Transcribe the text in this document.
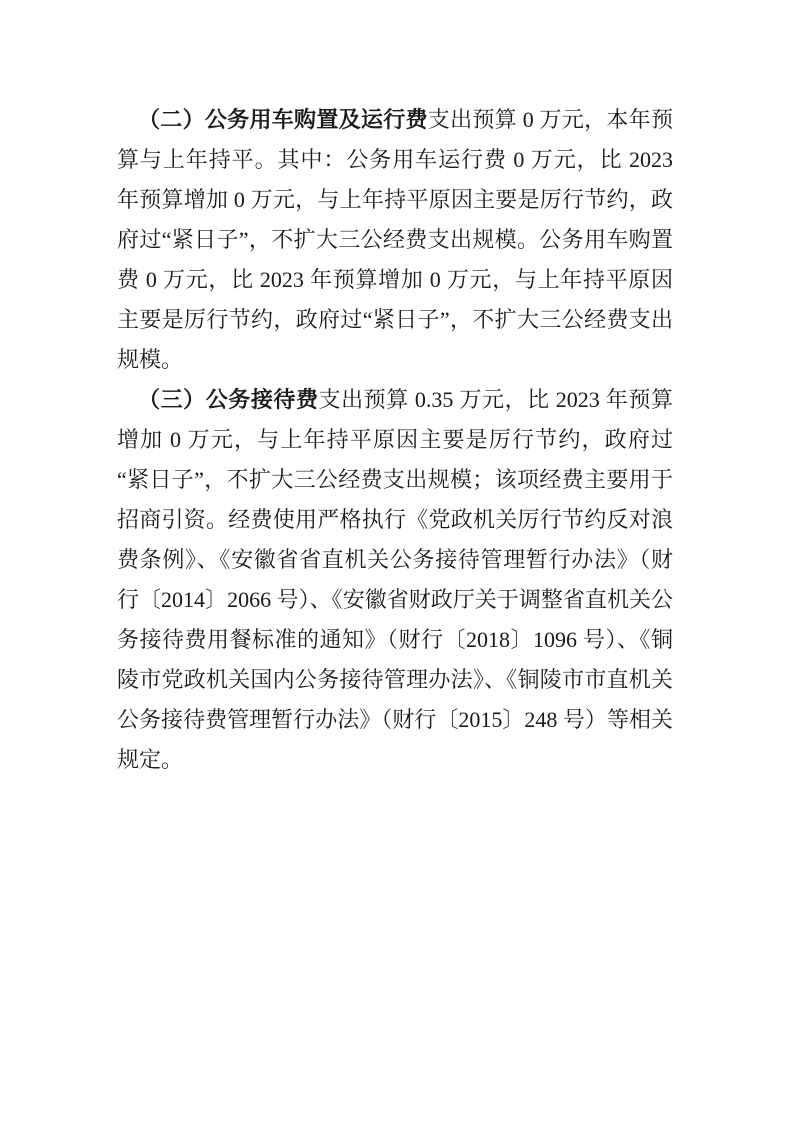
（二）公务用车购置及运行费支出预算 0 万元，本年预算与上年持平。其中：公务用车运行费 0 万元，比 2023 年预算增加 0 万元，与上年持平原因主要是厉行节约，政府过“紧日子”，不扩大三公经费支出规模。公务用车购置费 0 万元，比 2023 年预算增加 0 万元，与上年持平原因主要是厉行节约，政府过“紧日子”，不扩大三公经费支出规模。

（三）公务接待费支出预算 0.35 万元，比 2023 年预算增加 0 万元，与上年持平原因主要是厉行节约，政府过“紧日子”，不扩大三公经费支出规模；该项经费主要用于招商引资。经费使用严格执行《党政机关厉行节约反对浪费条例》、《安徽省省直机关公务接待管理暂行办法》（财行〔2014〕2066 号）、《安徽省财政厅关于调整省直机关公务接待费用餐标准的通知》（财行〔2018〕1096 号）、《铜陵市党政机关国内公务接待管理办法》、《铜陵市市直机关公务接待费管理暂行办法》（财行〔2015〕248 号）等相关规定。
